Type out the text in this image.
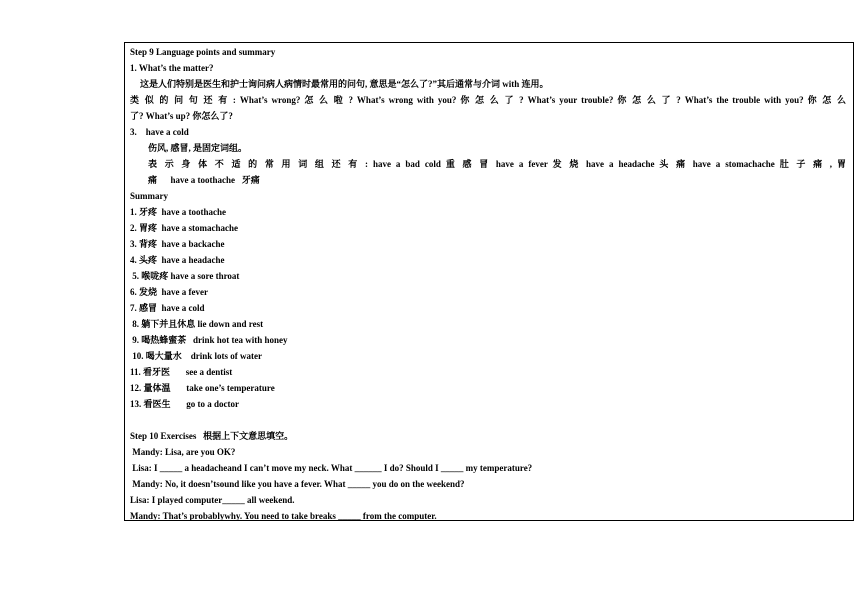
Step 9 Language points and summary
1. What’s the matter?
这是人们特别是医生和护士询问病人病情时最常用的问句, 意思是“怎么了?”其后通常与介词 with 连用。
类 似 的 问 句 还 有 : What’s wrong? 怎 么 啦 ? What’s wrong with you? 你 怎 么 了 ? What’s your trouble? 你 怎 么 了 ? What’s the trouble with you? 你 怎 么
了? What’s up? 你怎么了?
3.    have a cold
伤风, 感冒, 是固定词组。
表 示 身 体 不 适 的 常 用 词 组 还 有 : have a bad cold 重 感 冒 have a fever 发 烧 have a headache 头 痛 have a stomachache 肚 子 痛 , 胃
痛      have a toothache   牙痛
Summary
1. 牙疼  have a toothache
2. 胃疼  have a stomachache
3. 背疼  have a backache
4. 头疼  have a headache
5. 喉咙疼 have a sore throat
6. 发烧  have a fever
7. 感冒  have a cold
8. 躺下并且休息 lie down and rest
9. 喝热蜂蜜茶   drink hot tea with honey
10. 喝大量水    drink lots of water
11. 看牙医       see a dentist
12. 量体温       take one’s temperature
13. 看医生       go to a doctor
Step 10 Exercises   根据上下文意思填空。
Mandy: Lisa, are you OK?
Lisa: I _____ a headacheand I can’t move my neck. What ______ I do? Should I _____ my temperature?
Mandy: No, it doesn’tsound like you have a fever. What _____ you do on the weekend?
Lisa: I played computer_____ all weekend.
Mandy: That’s probablywhy. You need to take breaks _____ from the computer.
